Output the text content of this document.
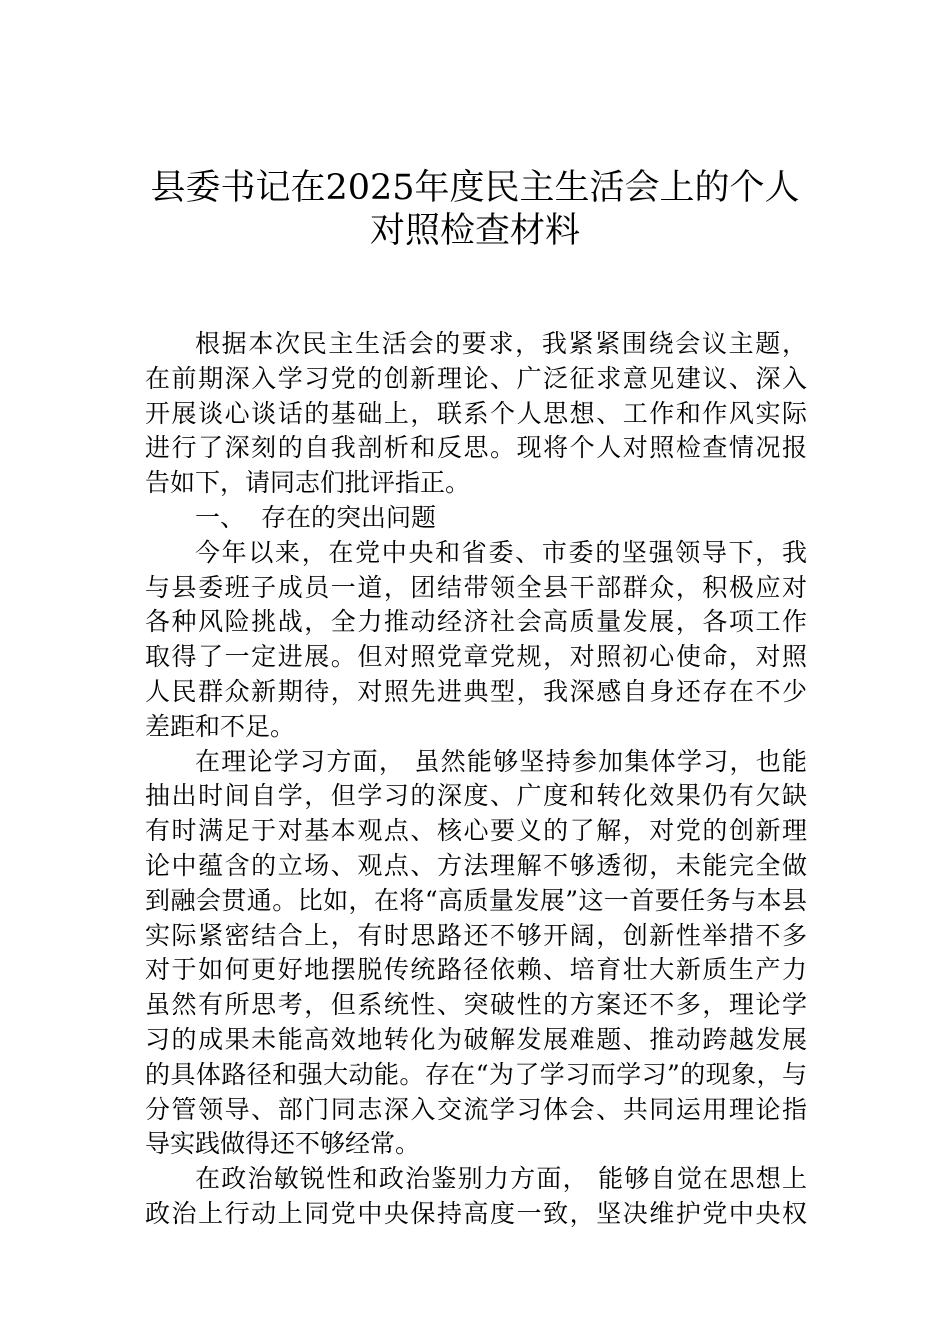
县委书记在2025年度民主生活会上的个人
对照检查材料
根据本次民主生活会的要求，我紧紧围绕会议主题，
在前期深入学习党的创新理论、广泛征求意见建议、深入
开展谈心谈话的基础上，联系个人思想、工作和作风实际
进行了深刻的自我剖析和反思。现将个人对照检查情况报
告如下，请同志们批评指正。
一、 存在的突出问题
今年以来，在党中央和省委、市委的坚强领导下，我
与县委班子成员一道，团结带领全县干部群众，积极应对
各种风险挑战，全力推动经济社会高质量发展，各项工作
取得了一定进展。但对照党章党规，对照初心使命，对照
人民群众新期待，对照先进典型，我深感自身还存在不少
差距和不足。
在理论学习方面， 虽然能够坚持参加集体学习，也能
抽出时间自学，但学习的深度、广度和转化效果仍有欠缺
有时满足于对基本观点、核心要义的了解，对党的创新理
论中蕴含的立场、观点、方法理解不够透彻，未能完全做
到融会贯通。比如，在将“高质量发展”这一首要任务与本县
实际紧密结合上，有时思路还不够开阔，创新性举措不多
对于如何更好地摆脱传统路径依赖、培育壮大新质生产力
虽然有所思考，但系统性、突破性的方案还不多，理论学
习的成果未能高效地转化为破解发展难题、推动跨越发展
的具体路径和强大动能。存在“为了学习而学习”的现象，与
分管领导、部门同志深入交流学习体会、共同运用理论指
导实践做得还不够经常。
在政治敏锐性和政治鉴别力方面， 能够自觉在思想上
政治上行动上同党中央保持高度一致，坚决维护党中央权
